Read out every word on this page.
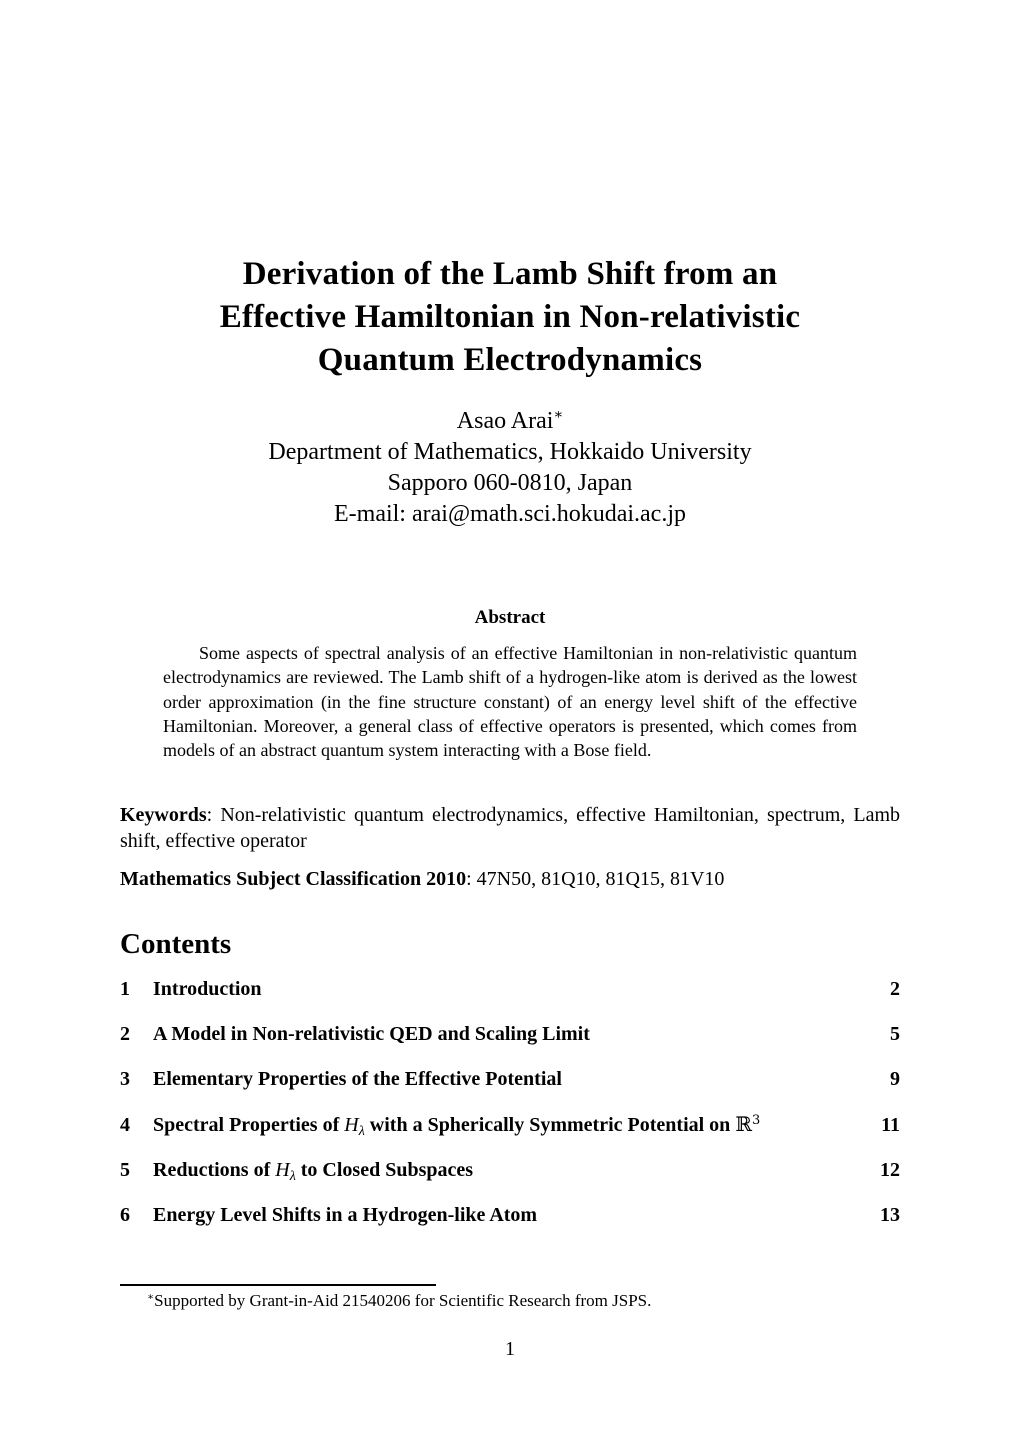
Derivation of the Lamb Shift from an
Effective Hamiltonian in Non-relativistic
Quantum Electrodynamics
Asao Arai∗
Department of Mathematics, Hokkaido University
Sapporo 060-0810, Japan
E-mail: arai@math.sci.hokudai.ac.jp
Abstract

Some aspects of spectral analysis of an effective Hamiltonian in non-relativistic quantum electrodynamics are reviewed. The Lamb shift of a hydrogen-like atom is derived as the lowest order approximation (in the fine structure constant) of an energy level shift of the effective Hamiltonian. Moreover, a general class of effective operators is presented, which comes from models of an abstract quantum system interacting with a Bose field.

Keywords: Non-relativistic quantum electrodynamics, effective Hamiltonian, spectrum, Lamb shift, effective operator

Mathematics Subject Classification 2010: 47N50, 81Q10, 81Q15, 81V10

Contents
1	Introduction	2
2	A Model in Non-relativistic QED and Scaling Limit	5
3	Elementary Properties of the Effective Potential	9
4	Spectral Properties of $H_\lambda$ with a Spherically Symmetric Potential on ℝ$^3$	11
5	Reductions of $H_\lambda$ to Closed Subspaces	12
6	Energy Level Shifts in a Hydrogen-like Atom	13

∗Supported by Grant-in-Aid 21540206 for Scientific Research from JSPS.

1
